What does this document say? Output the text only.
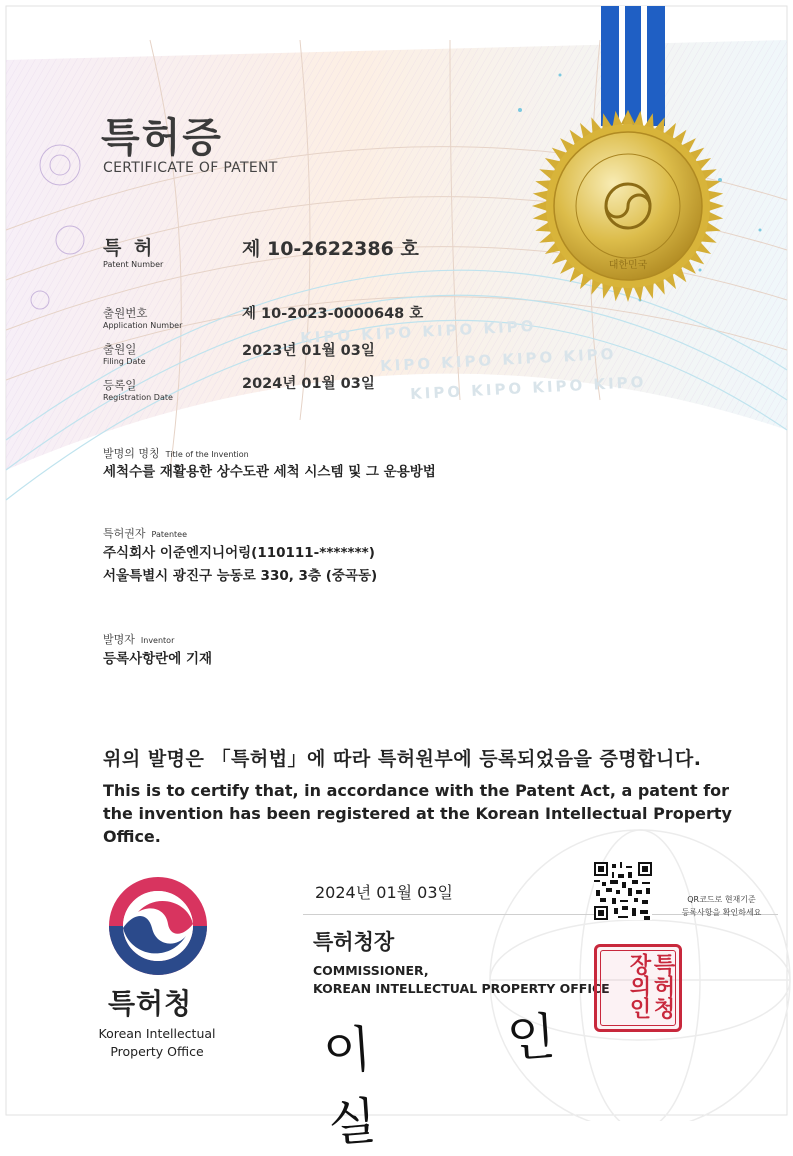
대한민국
KIPO KIPO KIPO KIPO
KIPO KIPO KIPO KIPO
KIPO KIPO KIPO KIPO
특허증
CERTIFICATE OF PATENT
특 허
Patent Number
제 10-2622386 호
출원번호
Application Number
제 10-2023-0000648 호
출원일
Filing Date
2023년 01월 03일
등록일
Registration Date
2024년 01월 03일
발명의 명칭 Title of the Invention
세척수를 재활용한 상수도관 세척 시스템 및 그 운용방법
특허권자 Patentee
주식회사 이준엔지니어링(110111-*******)
서울특별시 광진구 능동로 330, 3층 (중곡동)
발명자 Inventor
등록사항란에 기재
위의 발명은 「특허법」에 따라 특허원부에 등록되었음을 증명합니다.
This is to certify that, in accordance with the Patent Act, a patent for the invention has been registered at the Korean Intellectual Property Office.
특허청
Korean Intellectual
Property Office
2024년 01월 03일	QR코드로 현재기준
등록사항을 확인하세요
특허청장
COMMISSIONER,
KOREAN INTELLECTUAL PROPERTY OFFICE
이 인 실
특허청장의인
